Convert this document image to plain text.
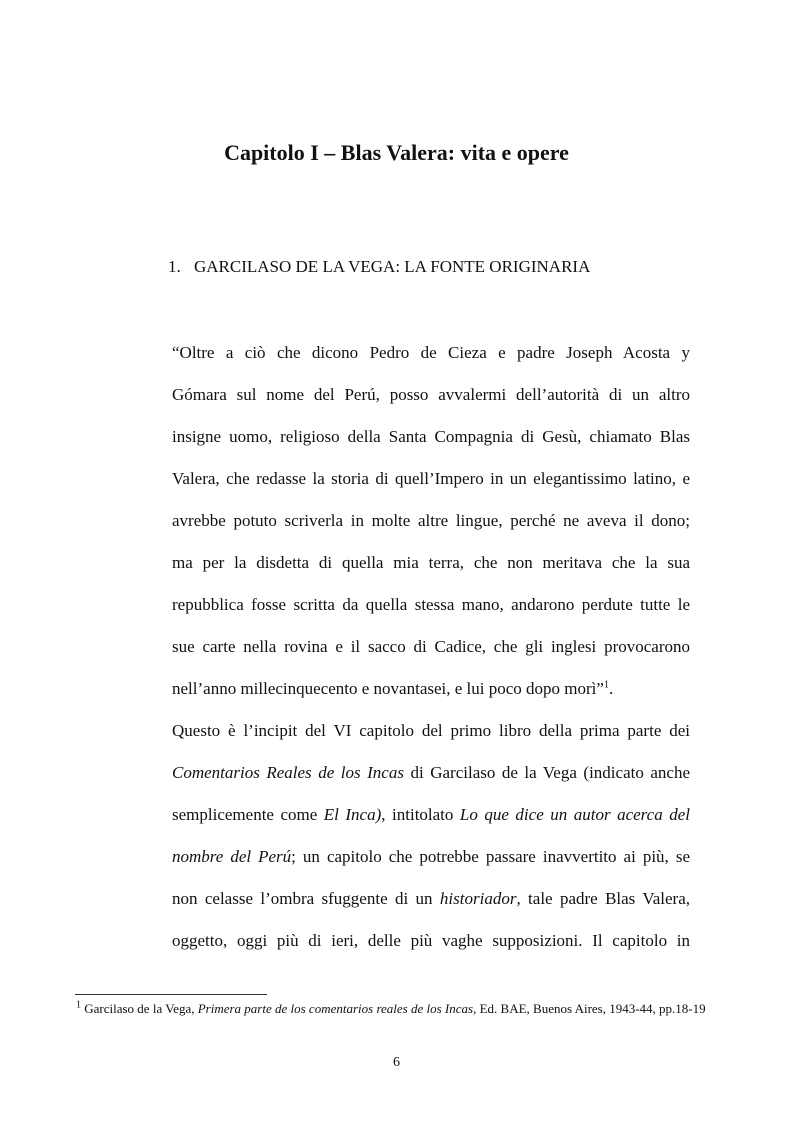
Capitolo I – Blas Valera: vita e opere
1. GARCILASO DE LA VEGA: LA FONTE ORIGINARIA
“Oltre a ciò che dicono Pedro de Cieza e padre Joseph Acosta y
Gómara sul nome del Perú, posso avvalermi dell’autorità di un altro
insigne uomo, religioso della Santa Compagnia di Gesù, chiamato Blas
Valera, che redasse la storia di quell’Impero in un elegantissimo latino, e
avrebbe potuto scriverla in molte altre lingue, perché ne aveva il dono;
ma per la disdetta di quella mia terra, che non meritava che la sua
repubblica fosse scritta da quella stessa mano, andarono perdute tutte le
sue carte nella rovina e il sacco di Cadice, che gli inglesi provocarono
nell’anno millecinquecento e novantasei, e lui poco dopo morì”$^1$.
Questo è l’incipit del VI capitolo del primo libro della prima parte dei
Comentarios Reales de los Incas di Garcilaso de la Vega (indicato anche
semplicemente come El Inca), intitolato Lo que dice un autor acerca del
nombre del Perú; un capitolo che potrebbe passare inavvertito ai più, se
non celasse l’ombra sfuggente di un historiador, tale padre Blas Valera,
oggetto, oggi più di ieri, delle più vaghe supposizioni. Il capitolo in
$^1$ Garcilaso de la Vega, Primera parte de los comentarios reales de los Incas, Ed. BAE, Buenos Aires, 1943-44, pp.18-19
6
